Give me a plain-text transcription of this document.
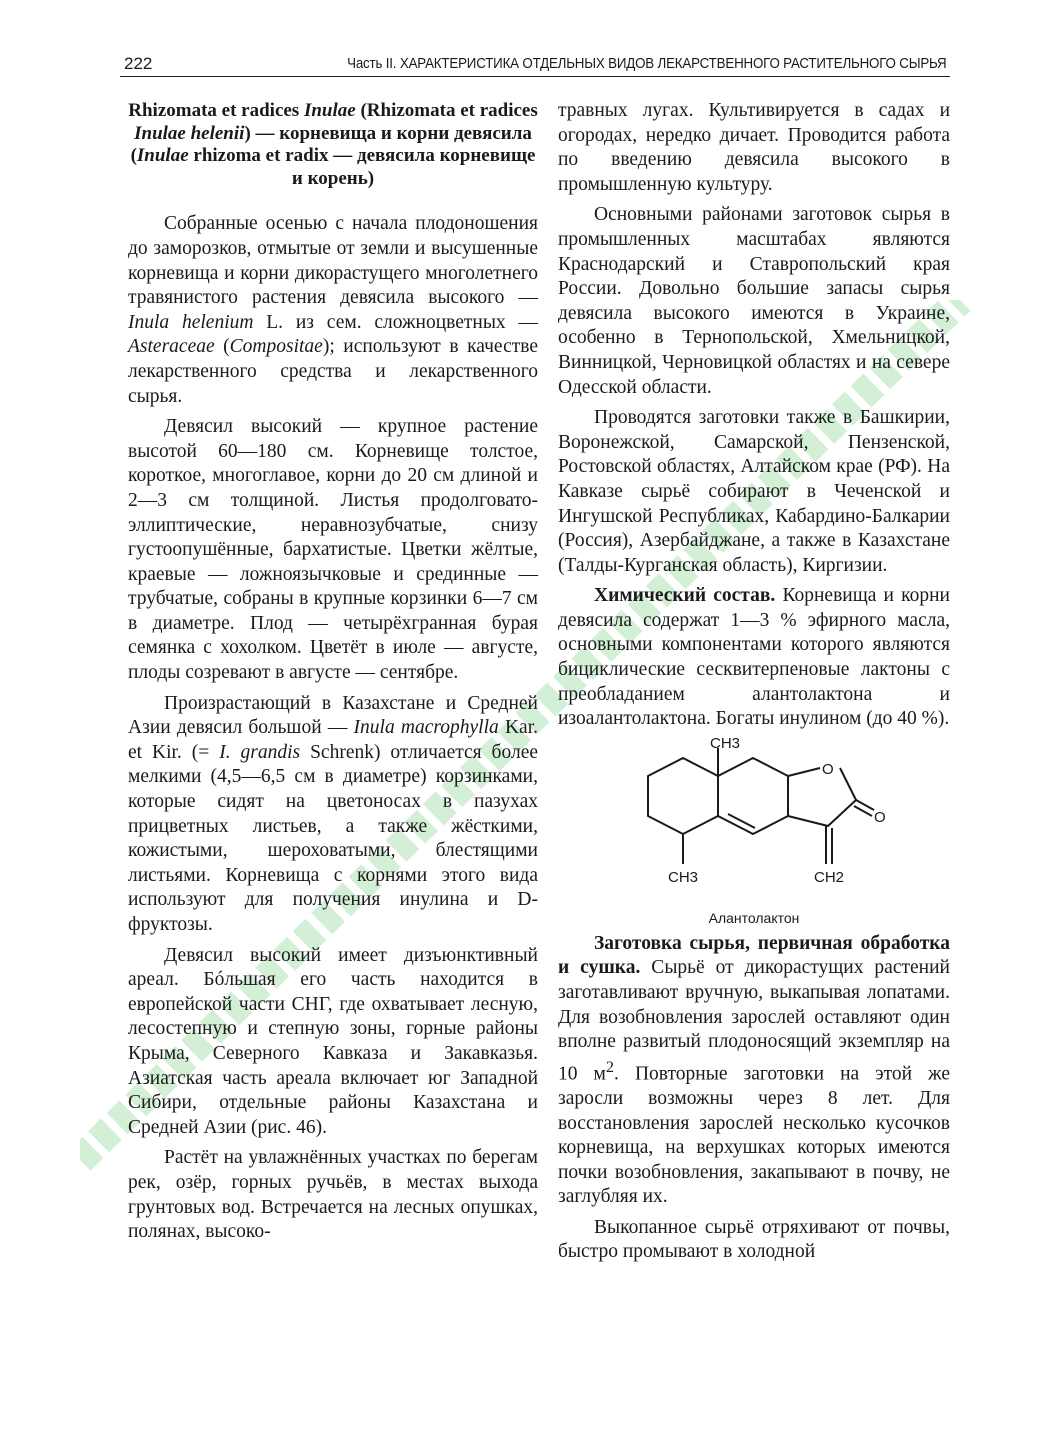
222	Часть II. ХАРАКТЕРИСТИКА ОТДЕЛЬНЫХ ВИДОВ ЛЕКАРСТВЕННОГО РАСТИТЕЛЬНОГО СЫРЬЯ
Rhizomata et radices Inulae (Rhizomata et radices Inulae helenii) — корневища и корни девясила (Inulae rhizoma et radix — девясила корневище и корень)

Собранные осенью с начала плодоношения до заморозков, отмытые от земли и высушенные корневища и корни дикорастущего многолетнего травянистого растения девясила высокого — Inula helenium L. из сем. сложноцветных — Asteraceae (Compositae); используют в качестве лекарственного средства и лекарственного сырья.

Девясил высокий — крупное растение высотой 60—180 см. Корневище толстое, короткое, многоглавое, корни до 20 см длиной и 2—3 см толщиной. Листья продолговато-эллиптические, неравнозубчатые, снизу густоопушённые, бархатистые. Цветки жёлтые, краевые — ложноязычковые и срединные — трубчатые, собраны в крупные корзинки 6—7 см в диаметре. Плод — четырёхгранная бурая семянка с хохолком. Цветёт в июле — августе, плоды созревают в августе — сентябре.

Произрастающий в Казахстане и Средней Азии девясил большой — Inula macrophylla Kar. et Kir. (= I. grandis Schrenk) отличается более мелкими (4,5—6,5 см в диаметре) корзинками, которые сидят на цветоносах в пазухах прицветных листьев, а также жёсткими, кожистыми, шероховатыми, блестящими листьями. Корневища с корнями этого вида используют для получения инулина и D-фруктозы.

Девясил высокий имеет дизъюнктивный ареал. Бóльшая его часть находится в европейской части СНГ, где охватывает лесную, лесостепную и степную зоны, горные районы Крыма, Северного Кавказа и Закавказья. Азиатская часть ареала включает юг Западной Сибири, отдельные районы Казахстана и Средней Азии (рис. 46).

Растёт на увлажнённых участках по берегам рек, озёр, горных ручьёв, в местах выхода грунтовых вод. Встречается на лесных опушках, полянах, высоко-

травных лугах. Культивируется в садах и огородах, нередко дичает. Проводится работа по введению девясила высокого в промышленную культуру.

Основными районами заготовок сырья в промышленных масштабах являются Краснодарский и Ставропольский края России. Довольно большие запасы сырья девясила высокого имеются в Украине, особенно в Тернопольской, Хмельницкой, Винницкой, Черновицкой областях и на севере Одесской области.

Проводятся заготовки также в Башкирии, Воронежской, Самарской, Пензенской, Ростовской областях, Алтайском крае (РФ). На Кавказе сырьё собирают в Чеченской и Ингушской Республиках, Кабардино-Балкарии (Россия), Азербайджане, а также в Казахстане (Талды-Курганская область), Киргизии.

Химический состав. Корневища и корни девясила содержат 1—3 % эфирного масла, основными компонентами которого являются бициклические сесквитерпеновые лактоны с преобладанием алантолактона и изоалантолактона. Богаты инулином (до 40 %).

CH3
O
O
CH3	CH2
Алантолактон

Заготовка сырья, первичная обработка и сушка. Сырьё от дикорастущих растений заготавливают вручную, выкапывая лопатами. Для возобновления зарослей оставляют один вполне развитый плодоносящий экземпляр на 10 $м^2$. Повторные заготовки на этой же заросли возможны через 8 лет. Для восстановления зарослей несколько кусочков корневища, на верхушках которых имеются почки возобновления, закапывают в почву, не заглубляя их.

Выкопанное сырьё отряхивают от почвы, быстро промывают в холодной
